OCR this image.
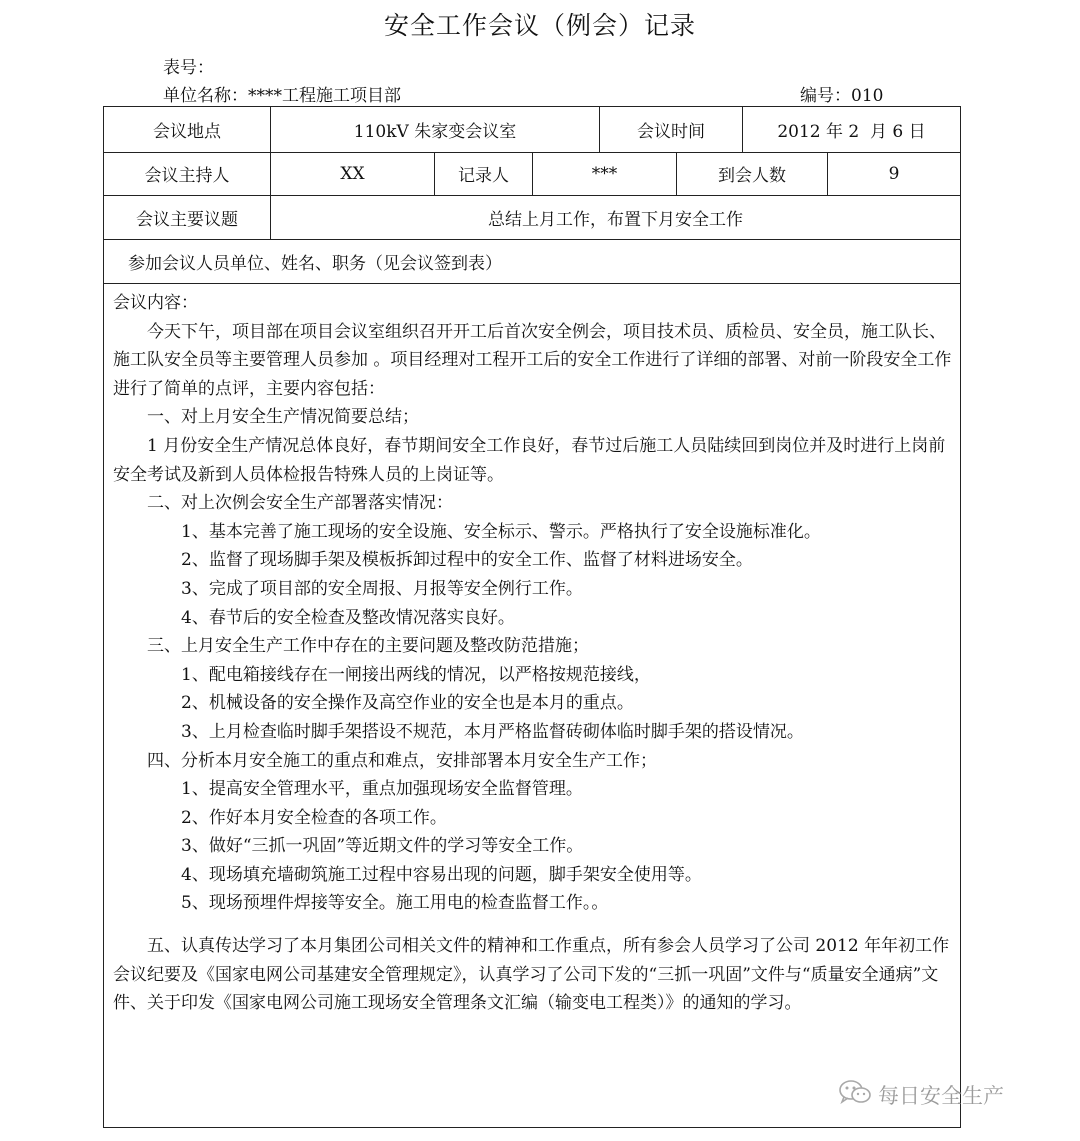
安全工作会议（例会）记录
表号：
单位名称：****工程施工项目部	编号：010
会议地点	110kV 朱家变会议室	会议时间	2012 年 2  月 6 日
会议主持人	XX	记录人	***	到会人数	9
会议主要议题	总结上月工作，布置下月安全工作
参加会议人员单位、姓名、职务（见会议签到表）

会议内容：

今天下午，项目部在项目会议室组织召开开工后首次安全例会，项目技术员、质检员、安全员，施工队长、施工队安全员等主要管理人员参加 。项目经理对工程开工后的安全工作进行了详细的部署、对前一阶段安全工作进行了简单的点评，主要内容包括：

一、对上月安全生产情况简要总结；

1 月份安全生产情况总体良好，春节期间安全工作良好，春节过后施工人员陆续回到岗位并及时进行上岗前安全考试及新到人员体检报告特殊人员的上岗证等。

二、对上次例会安全生产部署落实情况：

1、基本完善了施工现场的安全设施、安全标示、警示。严格执行了安全设施标准化。

2、监督了现场脚手架及模板拆卸过程中的安全工作、监督了材料进场安全。

3、完成了项目部的安全周报、月报等安全例行工作。

4、春节后的安全检查及整改情况落实良好。

三、上月安全生产工作中存在的主要问题及整改防范措施；

1、配电箱接线存在一闸接出两线的情况，以严格按规范接线，

2、机械设备的安全操作及高空作业的安全也是本月的重点。

3、上月检查临时脚手架搭设不规范，本月严格监督砖砌体临时脚手架的搭设情况。

四、分析本月安全施工的重点和难点，安排部署本月安全生产工作；

1、提高安全管理水平，重点加强现场安全监督管理。

2、作好本月安全检查的各项工作。

3、做好“三抓一巩固”等近期文件的学习等安全工作。

4、现场填充墙砌筑施工过程中容易出现的问题，脚手架安全使用等。

5、现场预埋件焊接等安全。施工用电的检查监督工作。。

五、认真传达学习了本月集团公司相关文件的精神和工作重点，所有参会人员学习了公司 2012 年年初工作会议纪要及《国家电网公司基建安全管理规定》，认真学习了公司下发的“三抓一巩固”文件与“质量安全通病”文件、关于印发《国家电网公司施工现场安全管理条文汇编（输变电工程类）》的通知的学习。

每日安全生产
